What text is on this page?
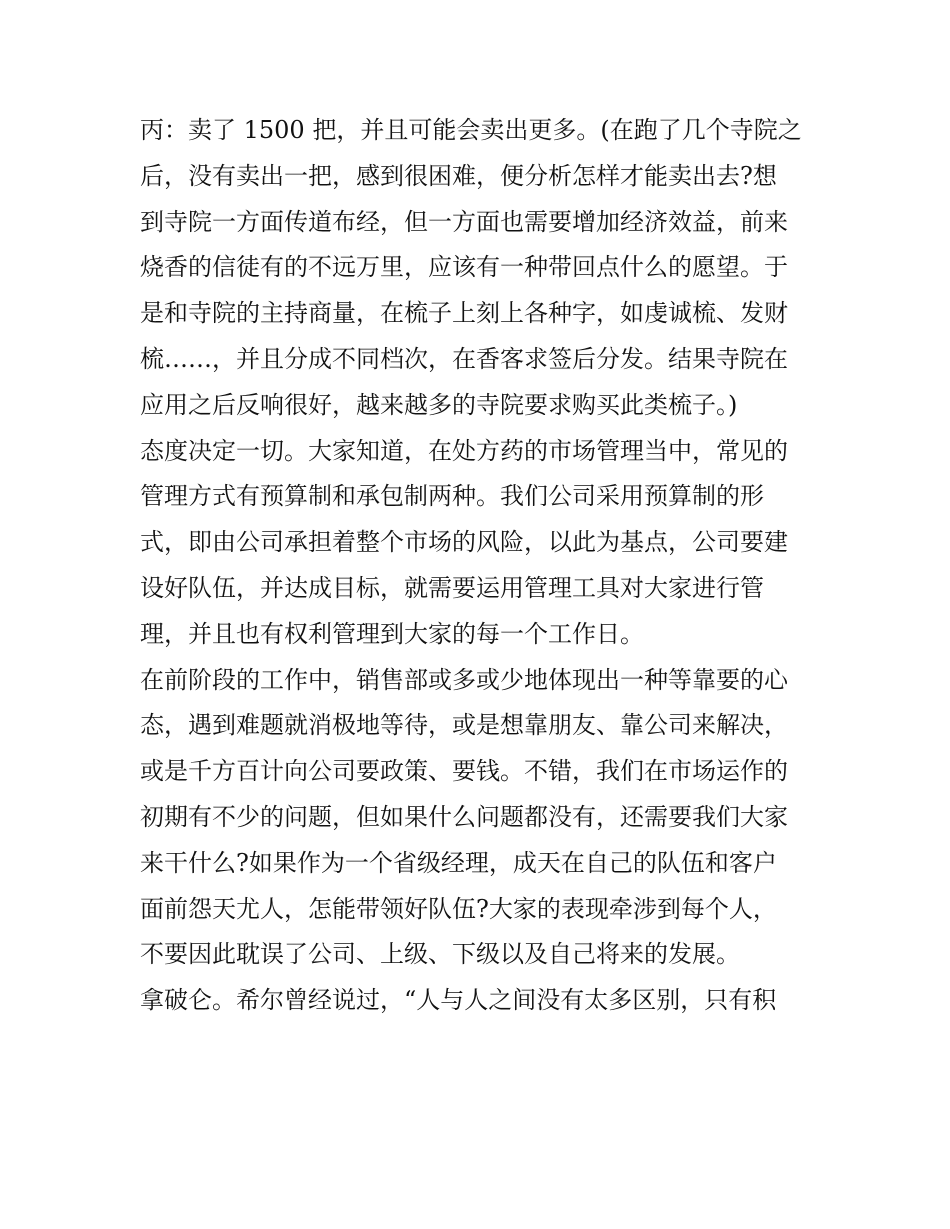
丙：卖了 1500 把，并且可能会卖出更多。(在跑了几个寺院之
后，没有卖出一把，感到很困难，便分析怎样才能卖出去?想
到寺院一方面传道布经，但一方面也需要增加经济效益，前来
烧香的信徒有的不远万里，应该有一种带回点什么的愿望。于
是和寺院的主持商量，在梳子上刻上各种字，如虔诚梳、发财
梳……，并且分成不同档次，在香客求签后分发。结果寺院在
应用之后反响很好，越来越多的寺院要求购买此类梳子。)
态度决定一切。大家知道，在处方药的市场管理当中，常见的
管理方式有预算制和承包制两种。我们公司采用预算制的形
式，即由公司承担着整个市场的风险，以此为基点，公司要建
设好队伍，并达成目标，就需要运用管理工具对大家进行管
理，并且也有权利管理到大家的每一个工作日。
在前阶段的工作中，销售部或多或少地体现出一种等靠要的心
态，遇到难题就消极地等待，或是想靠朋友、靠公司来解决，
或是千方百计向公司要政策、要钱。不错，我们在市场运作的
初期有不少的问题，但如果什么问题都没有，还需要我们大家
来干什么?如果作为一个省级经理，成天在自己的队伍和客户
面前怨天尤人，怎能带领好队伍?大家的表现牵涉到每个人，
不要因此耽误了公司、上级、下级以及自己将来的发展。
拿破仑。希尔曾经说过，“人与人之间没有太多区别，只有积
